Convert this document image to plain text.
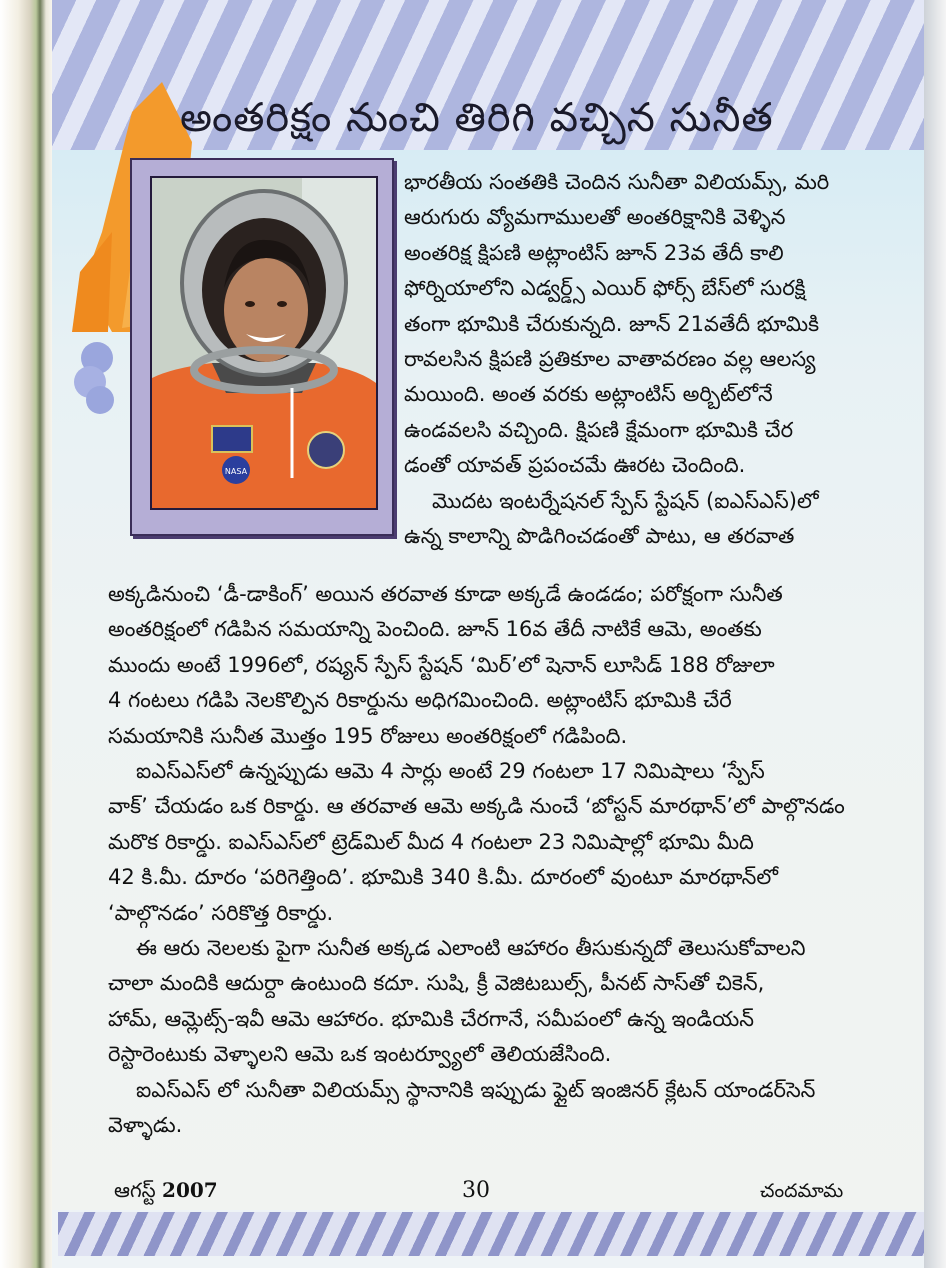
అంతరిక్షం నుంచి తిరిగి వచ్చిన సునీత
NASA

భారతీయ సంతతికి చెందిన సునీతా విలియమ్స్, మరి
ఆరుగురు వ్యోమగాములతో అంతరిక్షానికి వెళ్ళిన
అంతరిక్ష క్షిపణి అట్లాంటిస్ జూన్ 23వ తేదీ కాలి
ఫోర్నియాలోని ఎడ్వర్డ్స్ ఎయిర్ ఫోర్స్ బేస్‌లో సురక్షి
తంగా భూమికి చేరుకున్నది. జూన్ 21వతేదీ భూమికి
రావలసిన క్షిపణి ప్రతికూల వాతావరణం వల్ల ఆలస్య
మయింది. అంత వరకు అట్లాంటిస్ అర్బిట్‌లోనే
ఉండవలసి వచ్చింది. క్షిపణి క్షేమంగా భూమికి చేర
డంతో యావత్ ప్రపంచమే ఊరట చెందింది.

మొదట ఇంటర్నేషనల్ స్పేస్ స్టేషన్ (ఐఎస్ఎస్)లో
ఉన్న కాలాన్ని పొడిగించడంతో పాటు, ఆ తరవాత

అక్కడినుంచి ‘డీ-డాకింగ్’ అయిన తరవాత కూడా అక్కడే ఉండడం; పరోక్షంగా సునీత
అంతరిక్షంలో గడిపిన సమయాన్ని పెంచింది. జూన్ 16వ తేదీ నాటికే ఆమె, అంతకు
ముందు అంటే 1996లో, రష్యన్ స్పేస్ స్టేషన్ ‘మిర్’లో షెనాన్ లూసిడ్ 188 రోజులా
4 గంటలు గడిపి నెలకొల్పిన రికార్డును అధిగమించింది. అట్లాంటిస్ భూమికి చేరే
సమయానికి సునీత మొత్తం 195 రోజులు అంతరిక్షంలో గడిపింది.

ఐఎస్ఎస్‌లో ఉన్నప్పుడు ఆమె 4 సార్లు అంటే 29 గంటలా 17 నిమిషాలు ‘స్పేస్
వాక్’ చేయడం ఒక రికార్డు. ఆ తరవాత ఆమె అక్కడి నుంచే ‘బోస్టన్ మారథాన్’లో పాల్గొనడం
మరొక రికార్డు. ఐఎస్ఎస్‌లో ట్రెడ్‌మిల్ మీద 4 గంటలా 23 నిమిషాల్లో భూమి మీది
42 కి.మీ. దూరం ‘పరిగెత్తింది’. భూమికి 340 కి.మీ. దూరంలో వుంటూ మారథాన్‌లో
‘పాల్గొనడం’ సరికొత్త రికార్డు.

ఈ ఆరు నెలలకు పైగా సునీత అక్కడ ఎలాంటి ఆహారం తీసుకున్నదో తెలుసుకోవాలని
చాలా మందికి ఆదుర్దా ఉంటుంది కదూ. సుషి, క్రీ వెజిటబుల్స్, పీనట్ సాస్‌తో చికెన్,
హామ్, ఆమ్లెట్స్-ఇవీ ఆమె ఆహారం. భూమికి చేరగానే, సమీపంలో ఉన్న ఇండియన్
రెస్టారెంటుకు వెళ్ళాలని ఆమె ఒక ఇంటర్వ్యూలో తెలియజేసింది.

ఐఎస్ఎస్ లో సునీతా విలియమ్స్ స్థానానికి ఇప్పుడు ఫ్లైట్ ఇంజినర్ క్లేటన్ యాండర్‌సెన్
వెళ్ళాడు.

ఆగస్ట్ 2007	30	చందమామ
